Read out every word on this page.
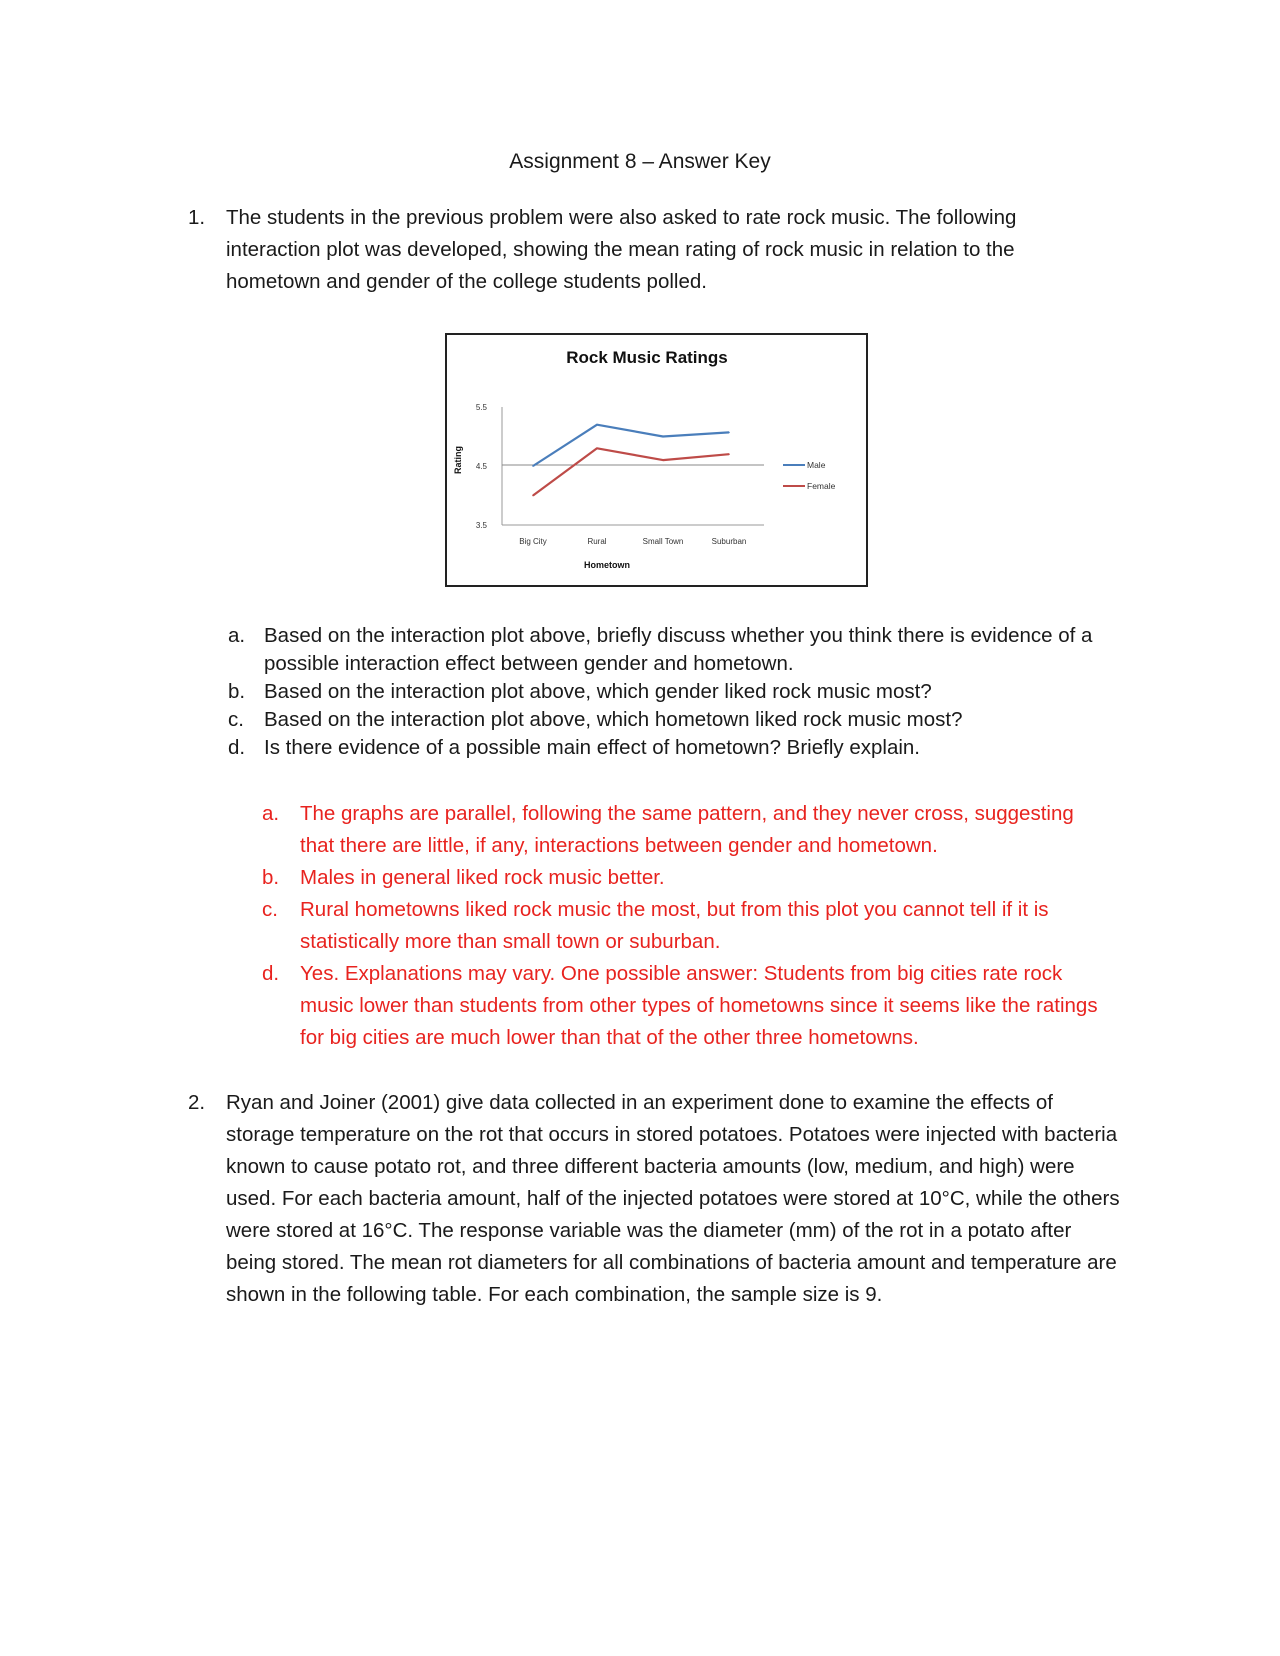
Assignment 8 – Answer Key
1. The students in the previous problem were also asked to rate rock music. The following interaction plot was developed, showing the mean rating of rock music in relation to the hometown and gender of the college students polled.
Rock Music Ratings
Rating
Hometown
5.5
4.5
3.5
Big City	Rural	Small Town	Suburban
Male
Female
a. Based on the interaction plot above, briefly discuss whether you think there is evidence of a possible interaction effect between gender and hometown.
b. Based on the interaction plot above, which gender liked rock music most?
c. Based on the interaction plot above, which hometown liked rock music most?
d. Is there evidence of a possible main effect of hometown? Briefly explain.
a. The graphs are parallel, following the same pattern, and they never cross, suggesting that there are little, if any, interactions between gender and hometown.
b. Males in general liked rock music better.
c. Rural hometowns liked rock music the most, but from this plot you cannot tell if it is statistically more than small town or suburban.
d. Yes. Explanations may vary. One possible answer: Students from big cities rate rock music lower than students from other types of hometowns since it seems like the ratings for big cities are much lower than that of the other three hometowns.
2. Ryan and Joiner (2001) give data collected in an experiment done to examine the effects of storage temperature on the rot that occurs in stored potatoes. Potatoes were injected with bacteria known to cause potato rot, and three different bacteria amounts (low, medium, and high) were used. For each bacteria amount, half of the injected potatoes were stored at 10°C, while the others were stored at 16°C. The response variable was the diameter (mm) of the rot in a potato after being stored. The mean rot diameters for all combinations of bacteria amount and temperature are shown in the following table. For each combination, the sample size is 9.
